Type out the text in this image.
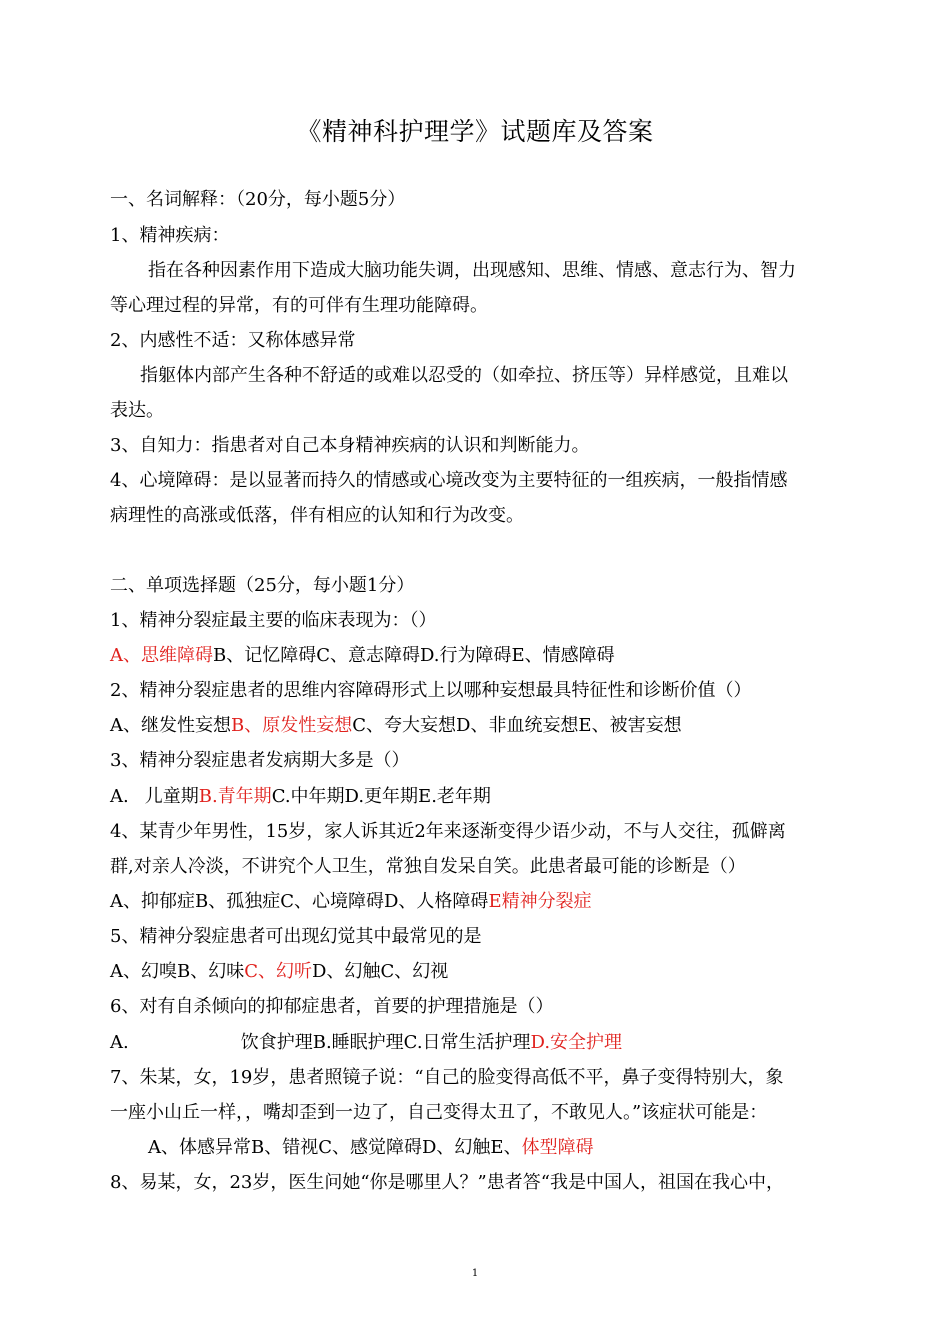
《精神科护理学》试题库及答案
一、名词解释：（20分，每小题5分）
1、精神疾病：
指在各种因素作用下造成大脑功能失调，出现感知、思维、情感、意志行为、智力
等心理过程的异常，有的可伴有生理功能障碍。
2、内感性不适：又称体感异常
指躯体内部产生各种不舒适的或难以忍受的（如牵拉、挤压等）异样感觉，且难以
表达。
3、自知力：指患者对自己本身精神疾病的认识和判断能力。
4、心境障碍：是以显著而持久的情感或心境改变为主要特征的一组疾病，一般指情感
病理性的高涨或低落，伴有相应的认知和行为改变。
二、单项选择题（25分，每小题1分）
1、精神分裂症最主要的临床表现为：（）
A、思维障碍B、记忆障碍C、意志障碍D.行为障碍E、情感障碍
2、精神分裂症患者的思维内容障碍形式上以哪种妄想最具特征性和诊断价值（）
A、继发性妄想B、原发性妄想C、夸大妄想D、非血统妄想E、被害妄想
3、精神分裂症患者发病期大多是（）
A. 儿童期B.青年期C.中年期D.更年期E.老年期
4、某青少年男性，15岁，家人诉其近2年来逐渐变得少语少动，不与人交往，孤僻离
群,对亲人冷淡，不讲究个人卫生，常独自发呆自笑。此患者最可能的诊断是（）
A、抑郁症B、孤独症C、心境障碍D、人格障碍E精神分裂症
5、精神分裂症患者可出现幻觉其中最常见的是
A、幻嗅B、幻味C、幻听D、幻触C、幻视
6、对有自杀倾向的抑郁症患者，首要的护理措施是（）
A.	饮食护理B.睡眠护理C.日常生活护理D.安全护理
7、朱某，女，19岁，患者照镜子说：“自己的脸变得高低不平，鼻子变得特别大，象
一座小山丘一样，，嘴却歪到一边了，自己变得太丑了，不敢见人。”该症状可能是：
A、体感异常B、错视C、感觉障碍D、幻触E、体型障碍
8、易某，女，23岁，医生问她“你是哪里人？”患者答“我是中国人，祖国在我心中，
1
